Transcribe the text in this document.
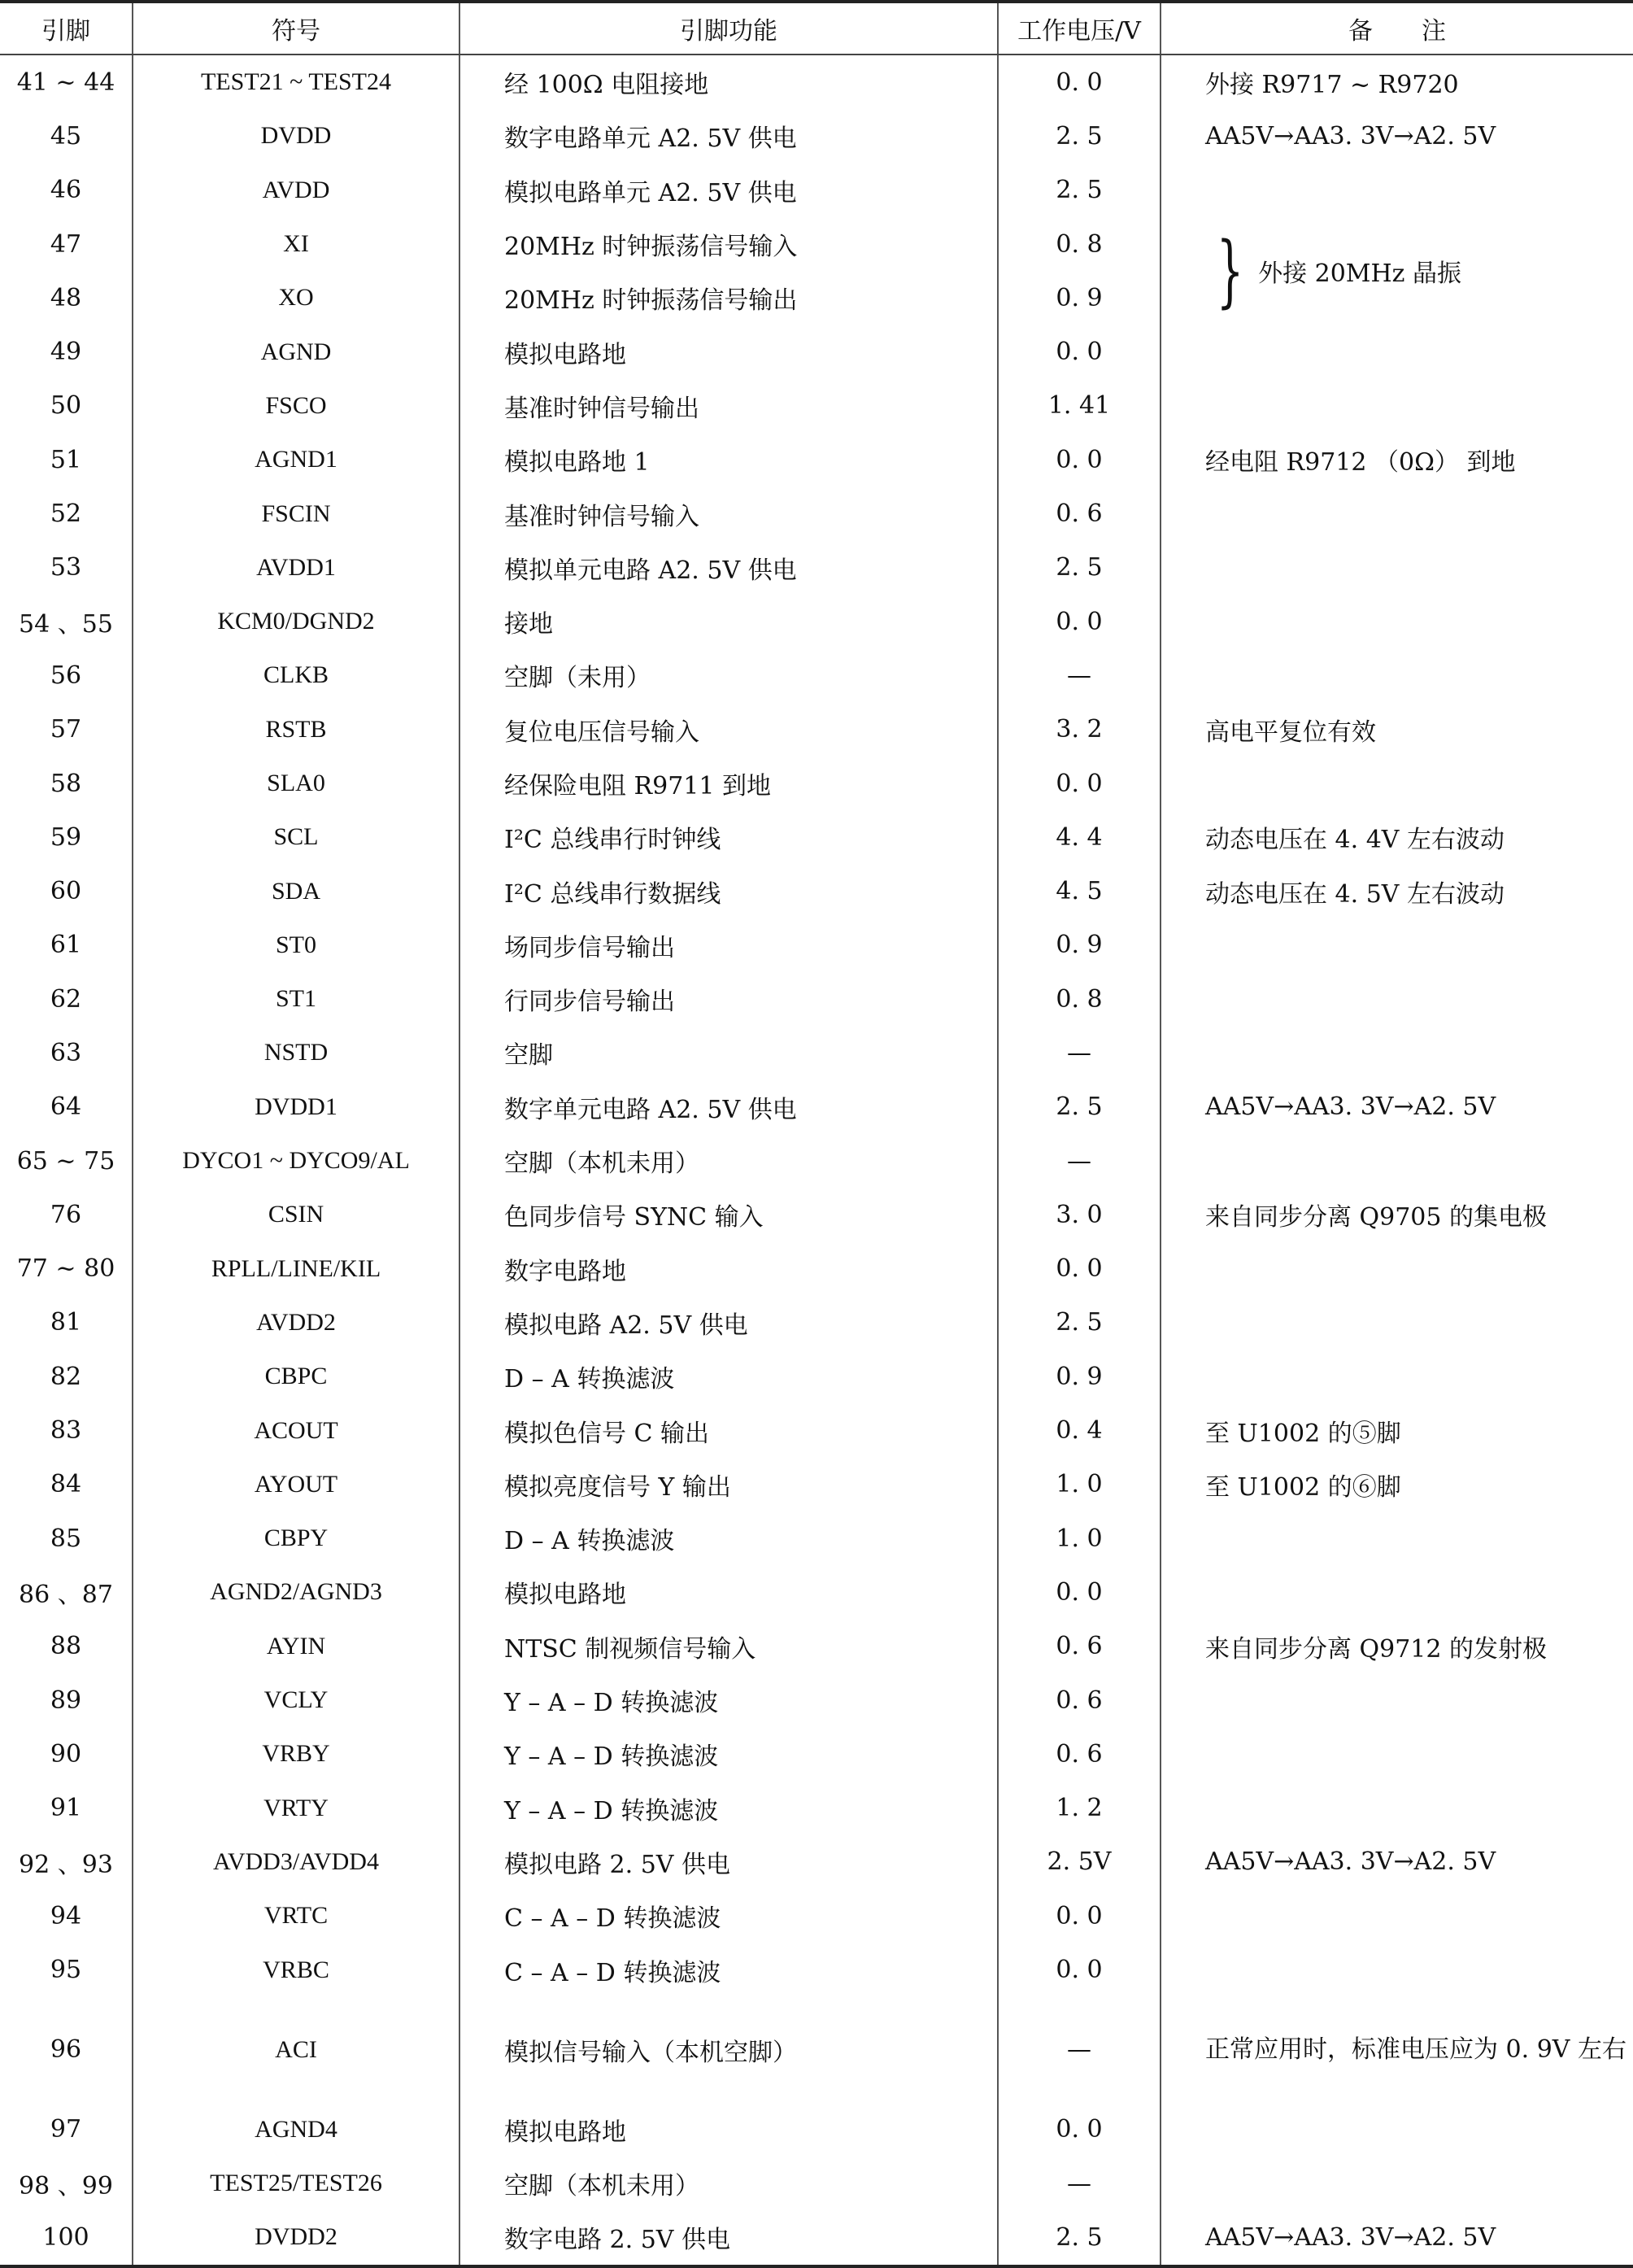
引脚	符号	引脚功能	工作电压/V	备　　注
41 ~ 44	TEST21 ~ TEST24	经 100Ω 电阻接地	0. 0	外接 R9717 ~ R9720
45	DVDD	数字电路单元 A2. 5V 供电	2. 5	AA5V→AA3. 3V→A2. 5V
46	AVDD	模拟电路单元 A2. 5V 供电	2. 5	
47	XI	20MHz 时钟振荡信号输入	0. 8	} 外接 20MHz 晶振

48	XO	20MHz 时钟振荡信号输出	0. 9	
49	AGND	模拟电路地	0. 0	
50	FSCO	基准时钟信号输出	1. 41	
51	AGND1	模拟电路地 1	0. 0	经电阻 R9712 （0Ω） 到地
52	FSCIN	基准时钟信号输入	0. 6	
53	AVDD1	模拟单元电路 A2. 5V 供电	2. 5	
54 、55	KCM0/DGND2	接地	0. 0	
56	CLKB	空脚（未用）	—	
57	RSTB	复位电压信号输入	3. 2	高电平复位有效
58	SLA0	经保险电阻 R9711 到地	0. 0	
59	SCL	I²C 总线串行时钟线	4. 4	动态电压在 4. 4V 左右波动
60	SDA	I²C 总线串行数据线	4. 5	动态电压在 4. 5V 左右波动
61	ST0	场同步信号输出	0. 9	
62	ST1	行同步信号输出	0. 8	
63	NSTD	空脚	—	
64	DVDD1	数字单元电路 A2. 5V 供电	2. 5	AA5V→AA3. 3V→A2. 5V
65 ~ 75	DYCO1 ~ DYCO9/AL	空脚（本机未用）	—	
76	CSIN	色同步信号 SYNC 输入	3. 0	来自同步分离 Q9705 的集电极
77 ~ 80	RPLL/LINE/KIL	数字电路地	0. 0	
81	AVDD2	模拟电路 A2. 5V 供电	2. 5	
82	CBPC	D – A 转换滤波	0. 9	
83	ACOUT	模拟色信号 C 输出	0. 4	至 U1002 的⑤脚
84	AYOUT	模拟亮度信号 Y 输出	1. 0	至 U1002 的⑥脚
85	CBPY	D – A 转换滤波	1. 0	
86 、87	AGND2/AGND3	模拟电路地	0. 0	
88	AYIN	NTSC 制视频信号输入	0. 6	来自同步分离 Q9712 的发射极
89	VCLY	Y – A – D 转换滤波	0. 6	
90	VRBY	Y – A – D 转换滤波	0. 6	
91	VRTY	Y – A – D 转换滤波	1. 2	
92 、93	AVDD3/AVDD4	模拟电路 2. 5V 供电	2. 5V	AA5V→AA3. 3V→A2. 5V
94	VRTC	C – A – D 转换滤波	0. 0	
95	VRBC	C – A – D 转换滤波	0. 0	
96	ACI	模拟信号输入（本机空脚）	—	正常应用时，标准电压应为 0. 9V 左右
97	AGND4	模拟电路地	0. 0	
98 、99	TEST25/TEST26	空脚（本机未用）	—	
100	DVDD2	数字电路 2. 5V 供电	2. 5	AA5V→AA3. 3V→A2. 5V
